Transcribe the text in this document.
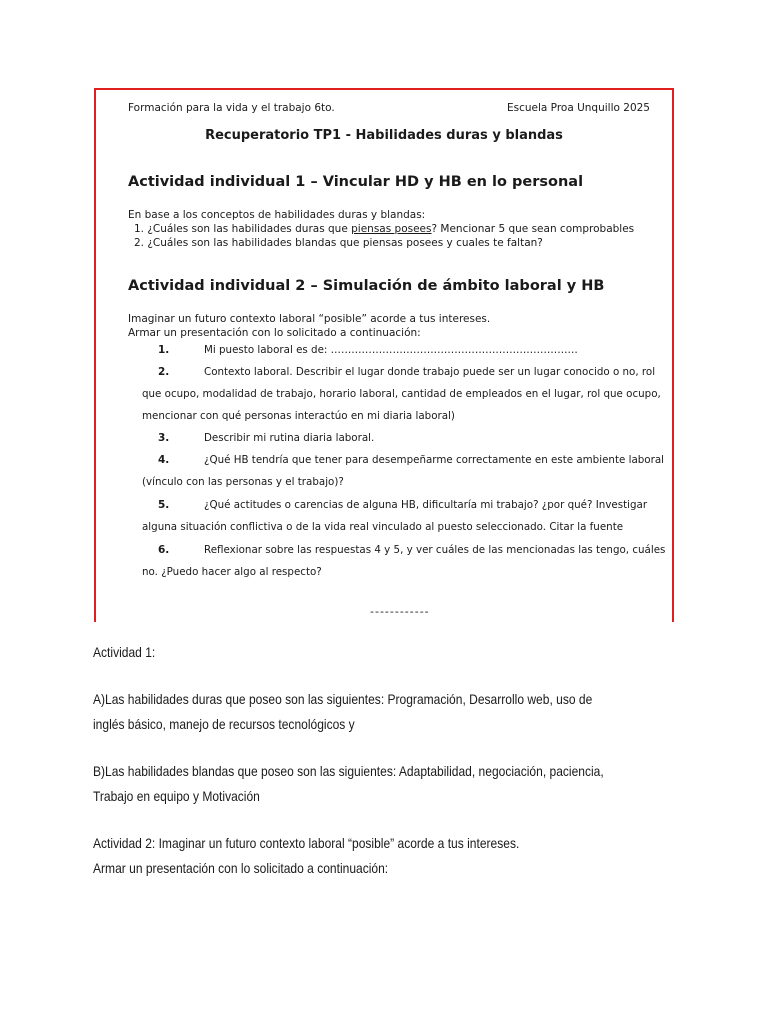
Formación para la vida y el trabajo 6to.	Escuela Proa Unquillo 2025
Recuperatorio TP1 - Habilidades duras y blandas
Actividad individual 1 – Vincular HD y HB en lo personal
En base a los conceptos de habilidades duras y blandas:
1. ¿Cuáles son las habilidades duras que piensas posees? Mencionar 5 que sean comprobables
2. ¿Cuáles son las habilidades blandas que piensas posees y cuales te faltan?
Actividad individual 2 – Simulación de ámbito laboral y HB
Imaginar un futuro contexto laboral “posible” acorde a tus intereses.
Armar un presentación con lo solicitado a continuación:
1.	Mi puesto laboral es de: ………………………………………………………………
2.	Contexto laboral. Describir el lugar donde trabajo puede ser un lugar conocido o no, rol
que ocupo, modalidad de trabajo, horario laboral, cantidad de empleados en el lugar, rol que ocupo,
mencionar con qué personas interactúo en mi diaria laboral)
3.	Describir mi rutina diaria laboral.
4.	¿Qué HB tendría que tener para desempeñarme correctamente en este ambiente laboral
(vínculo con las personas y el trabajo)?
5.	¿Qué actitudes o carencias de alguna HB, dificultaría mi trabajo? ¿por qué? Investigar
alguna situación conflictiva o de la vida real vinculado al puesto seleccionado. Citar la fuente
6.	Reflexionar sobre las respuestas 4 y 5, y ver cuáles de las mencionadas las tengo, cuáles
no. ¿Puedo hacer algo al respecto?
------------

Actividad 1:

A)Las habilidades duras que poseo son las siguientes: Programación, Desarrollo web, uso de inglés básico, manejo de recursos tecnológicos y

B)Las habilidades blandas que poseo son las siguientes: Adaptabilidad, negociación, paciencia, Trabajo en equipo y Motivación

Actividad 2: Imaginar un futuro contexto laboral “posible” acorde a tus intereses.

Armar un presentación con lo solicitado a continuación:
